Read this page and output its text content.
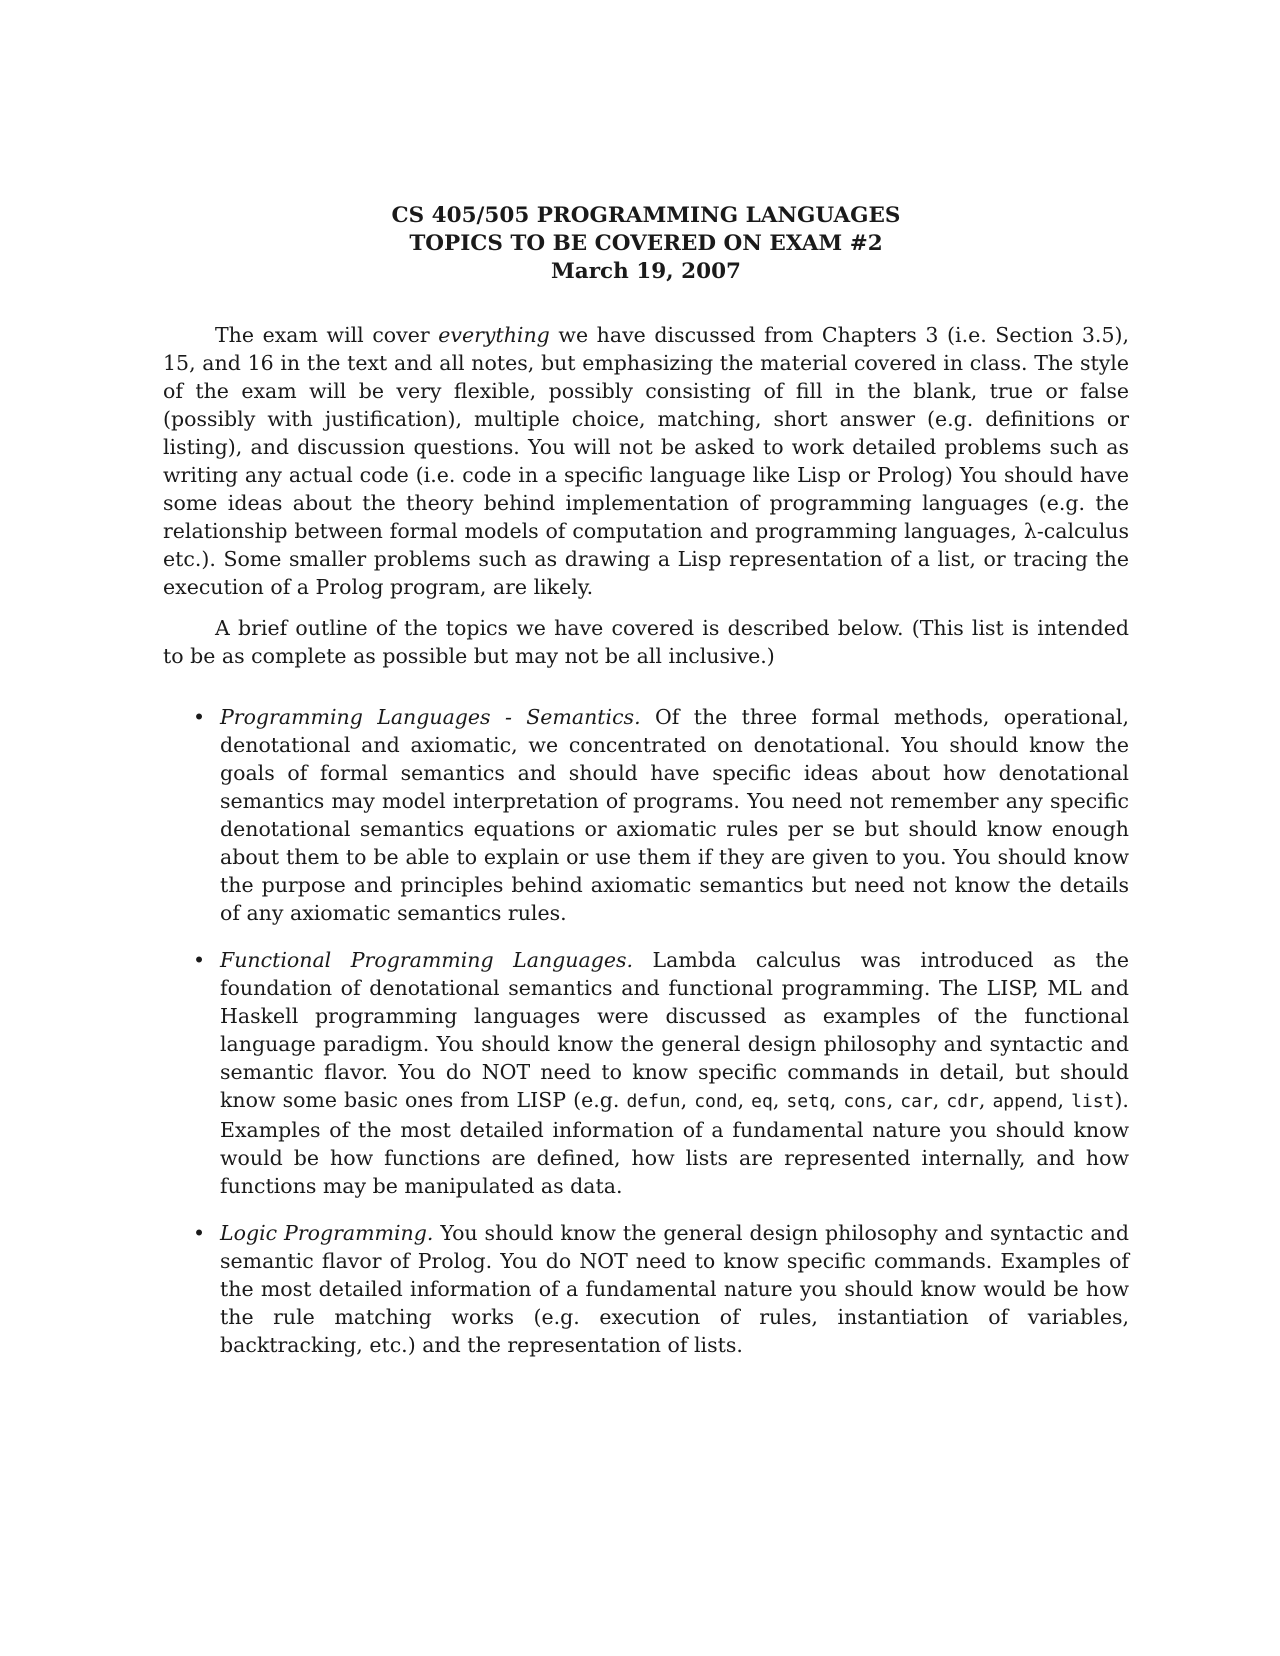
CS 405/505 PROGRAMMING LANGUAGES
TOPICS TO BE COVERED ON EXAM #2
March 19, 2007

The exam will cover everything we have discussed from Chapters 3 (i.e. Section 3.5), 15, and 16 in the text and all notes, but emphasizing the material covered in class. The style of the exam will be very flexible, possibly consisting of fill in the blank, true or false (possibly with justification), multiple choice, matching, short answer (e.g. definitions or listing), and discussion questions. You will not be asked to work detailed problems such as writing any actual code (i.e. code in a specific language like Lisp or Prolog) You should have some ideas about the theory behind implementation of programming languages (e.g. the relationship between formal models of computation and programming languages, λ-calculus etc.). Some smaller problems such as drawing a Lisp representation of a list, or tracing the execution of a Prolog program, are likely.

A brief outline of the topics we have covered is described below. (This list is intended to be as complete as possible but may not be all inclusive.)

• Programming Languages - Semantics. Of the three formal methods, operational, denotational and axiomatic, we concentrated on denotational. You should know the goals of formal semantics and should have specific ideas about how denotational semantics may model interpretation of programs. You need not remember any specific denotational semantics equations or axiomatic rules per se but should know enough about them to be able to explain or use them if they are given to you. You should know the purpose and principles behind axiomatic semantics but need not know the details of any axiomatic semantics rules.
• Functional Programming Languages. Lambda calculus was introduced as the foundation of denotational semantics and functional programming. The LISP, ML and Haskell programming languages were discussed as examples of the functional language paradigm. You should know the general design philosophy and syntactic and semantic flavor. You do NOT need to know specific commands in detail, but should know some basic ones from LISP (e.g. defun, cond, eq, setq, cons, car, cdr, append, list). Examples of the most detailed information of a fundamental nature you should know would be how functions are defined, how lists are represented internally, and how functions may be manipulated as data.
• Logic Programming. You should know the general design philosophy and syntactic and semantic flavor of Prolog. You do NOT need to know specific commands. Examples of the most detailed information of a fundamental nature you should know would be how the rule matching works (e.g. execution of rules, instantiation of variables, backtracking, etc.) and the representation of lists.
